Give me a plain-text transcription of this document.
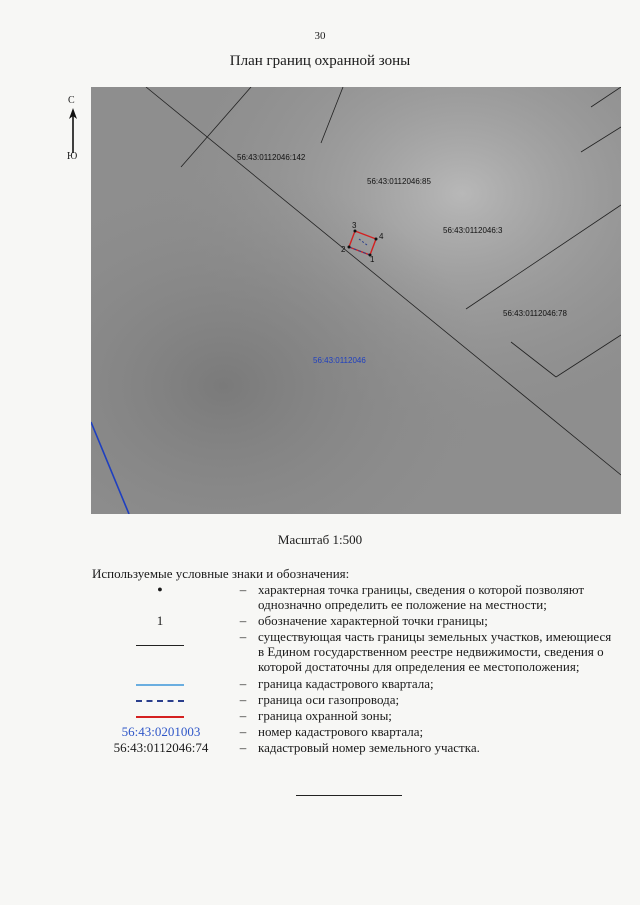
30
План границ охранной зоны
С
Ю
1
2
3
4
56:43:0112046:142
56:43:0112046:85
56:43:0112046:3
56:43:0112046:78
56:43:0112046
Масштаб 1:500
Используемые условные знаки и обозначения:
●	– характерная точка границы, сведения о которой позволяют
однозначно определить ее положение на местности;
1	– обозначение характерной точки границы;
– существующая часть границы земельных участков, имеющиеся
в Едином государственном реестре недвижимости, сведения о
которой достаточны для определения ее местоположения;
– граница кадастрового квартала;
– граница оси газопровода;
– граница охранной зоны;
56:43:0201003	– номер кадастрового квартала;
56:43:0112046:74	– кадастровый номер земельного участка.
